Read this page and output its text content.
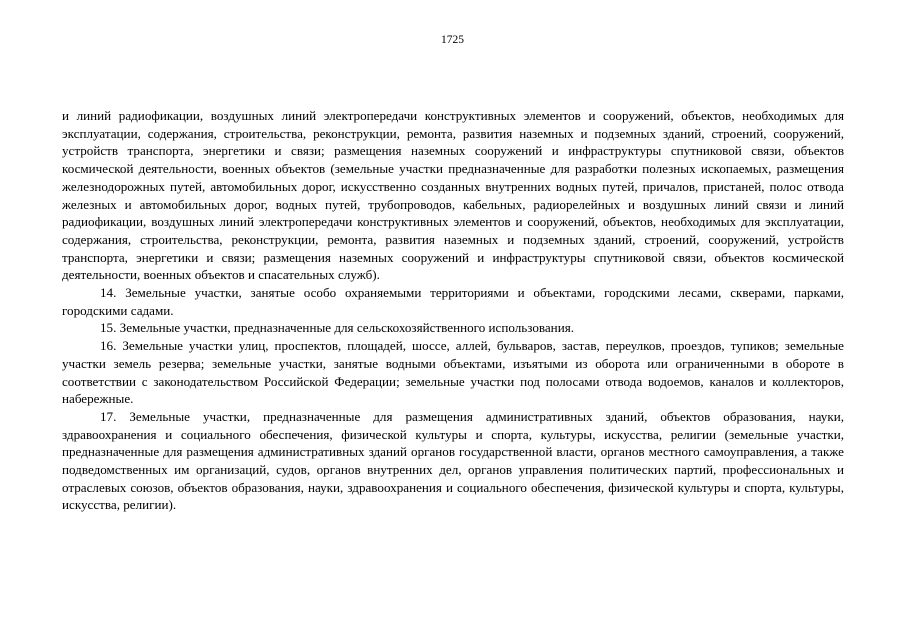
1725

и линий радиофикации, воздушных линий электропередачи конструктивных элементов и сооружений, объектов, необходимых для эксплуатации, содержания, строительства, реконструкции, ремонта, развития наземных и подземных зданий, строений, сооружений, устройств транспорта, энергетики и связи; размещения наземных сооружений и инфраструктуры спутниковой связи, объектов космической деятельности, военных объектов (земельные участки предназначенные для разработки полезных ископаемых, размещения железнодорожных путей, автомобильных дорог, искусственно созданных внутренних водных путей, причалов, пристаней, полос отвода железных и автомобильных дорог, водных путей, трубопроводов, кабельных, радиорелейных и воздушных линий связи и линий радиофикации, воздушных линий электропередачи конструктивных элементов и сооружений, объектов, необходимых для эксплуатации, содержания, строительства, реконструкции, ремонта, развития наземных и подземных зданий, строений, сооружений, устройств транспорта, энергетики и связи; размещения наземных сооружений и инфраструктуры спутниковой связи, объектов космической деятельности, военных объектов и спасательных служб).

14. Земельные участки, занятые особо охраняемыми территориями и объектами, городскими лесами, скверами, парками, городскими садами.

15. Земельные участки, предназначенные для сельскохозяйственного использования.

16. Земельные участки улиц, проспектов, площадей, шоссе, аллей, бульваров, застав, переулков, проездов, тупиков; земельные участки земель резерва; земельные участки, занятые водными объектами, изъятыми из оборота или ограниченными в обороте в соответствии с законодательством Российской Федерации; земельные участки под полосами отвода водоемов, каналов и коллекторов, набережные.

17. Земельные участки, предназначенные для размещения административных зданий, объектов образования, науки, здравоохранения и социального обеспечения, физической культуры и спорта, культуры, искусства, религии (земельные участки, предназначенные для размещения административных зданий органов государственной власти, органов местного самоуправления, а также подведомственных им организаций, судов, органов внутренних дел, органов управления политических партий, профессиональных и отраслевых союзов, объектов образования, науки, здравоохранения и социального обеспечения, физической культуры и спорта, культуры, искусства, религии).
